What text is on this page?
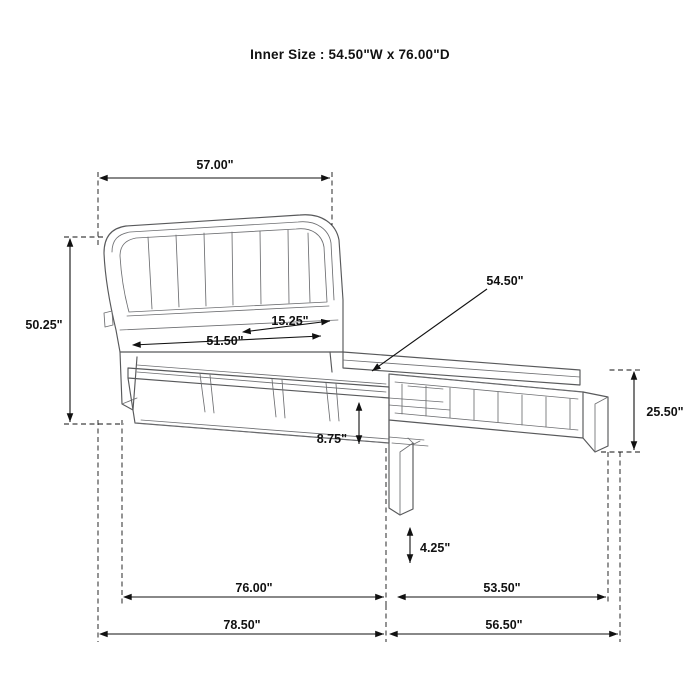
Inner Size : 54.50"W x 76.00"D
57.00"
50.25"
51.50"
15.25"
54.50"
8.75"
25.50"
4.25"
76.00"	53.50"
78.50"	56.50"
